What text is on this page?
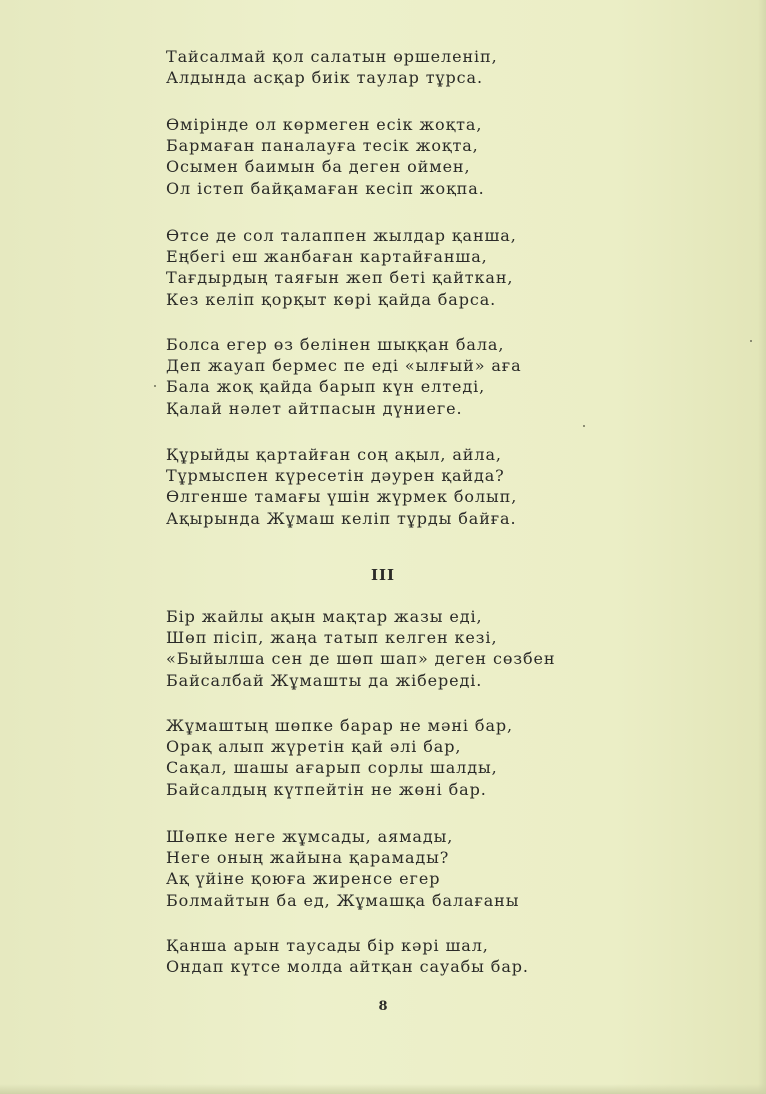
Тайсалмай қол салатын өршеленіп,
Алдында асқар биік таулар тұрса.
Өмірінде ол көрмеген есік жоқта,
Бармаған паналауға тесік жоқта,
Осымен баимын ба деген оймен,
Ол істеп байқамаған кесіп жоқпа.
Өтсе де сол талаппен жылдар қанша,
Еңбегі еш жанбаған картайғанша,
Тағдырдың таяғын жеп беті қайткан,
Кез келіп қорқыт көрі қайда барса.
Болса егер өз белінен шыққан бала,
Деп жауап бермес пе еді «ылғый» аға
Бала жоқ қайда барып күн елтеді,
Қалай нәлет айтпасын дүниеге.
Құрыйды қартайған соң ақыл, айла,
Тұрмыспен күресетін дәурен қайда?
Өлгенше тамағы үшін жүрмек болып,
Ақырында Жұмаш келіп тұрды байға.
III
Бір жайлы ақын мақтар жазы еді,
Шөп пісіп, жаңа татып келген кезі,
«Быйылша сен де шөп шап» деген сөзбен
Байсалбай Жұмашты да жібереді.
Жұмаштың шөпке барар не мәні бар,
Орақ алып жүретін қай әлі бар,
Сақал, шашы ағарып сорлы шалды,
Байсалдың күтпейтін не жөні бар.
Шөпке неге жұмсады, аямады,
Неге оның жайына қарамады?
Ақ үйіне қоюға жиренсе егер
Болмайтын ба ед, Жұмашқа балағаны
Қанша арын таусады бір кәрі шал,
Ондап күтсе молда айтқан сауабы бар.
8
